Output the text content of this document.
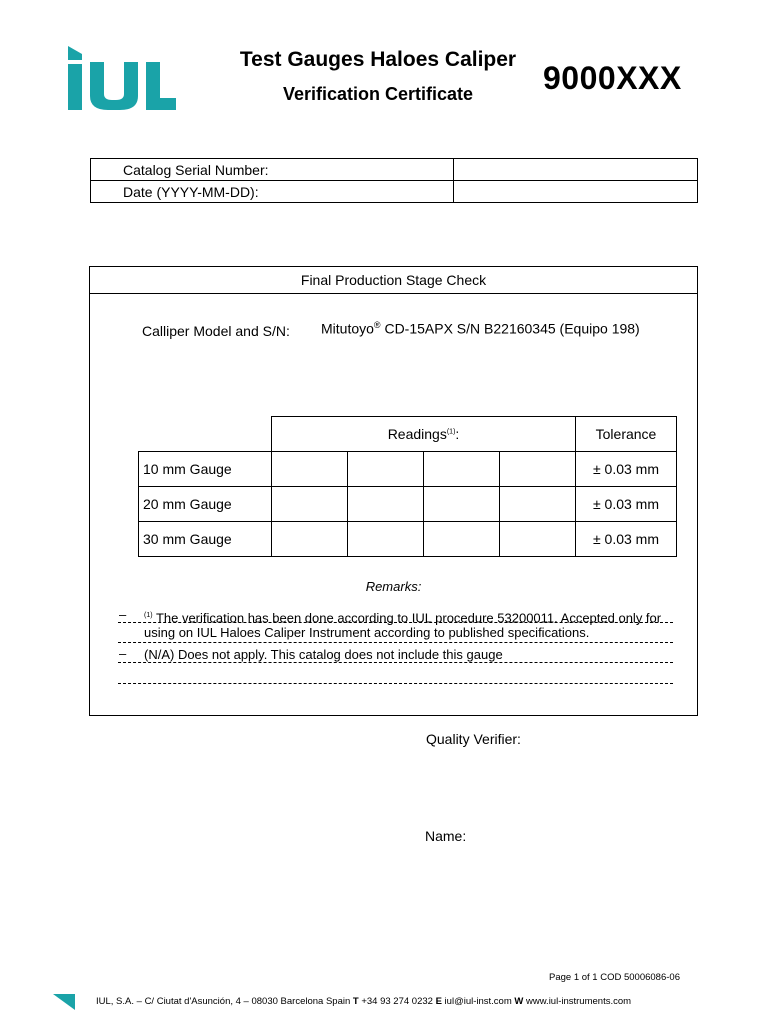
Test Gauges Haloes Caliper
Verification Certificate	9000XXX
Catalog Serial Number:	
Date (YYYY-MM-DD):	
Final Production Stage Check
Calliper Model and S/N: Mitutoyo® CD-15APX S/N B22160345 (Equipo 198)
	Readings$^{(1)}$:				Tolerance
10 mm Gauge					± 0.03 mm
20 mm Gauge					± 0.03 mm
30 mm Gauge					± 0.03 mm
Remarks:
–	$^{(1)}$ The verification has been done according to IUL procedure 53200011. Accepted only for
using on IUL Haloes Caliper Instrument according to published specifications.
– (N/A) Does not apply. This catalog does not include this gauge
Quality Verifier:
Name:
Page 1 of 1 COD 50006086-06
IUL, S.A. – C/ Ciutat d'Asunción, 4 – 08030 Barcelona Spain T +34 93 274 0232 E iul@iul-inst.com W www.iul-instruments.com
